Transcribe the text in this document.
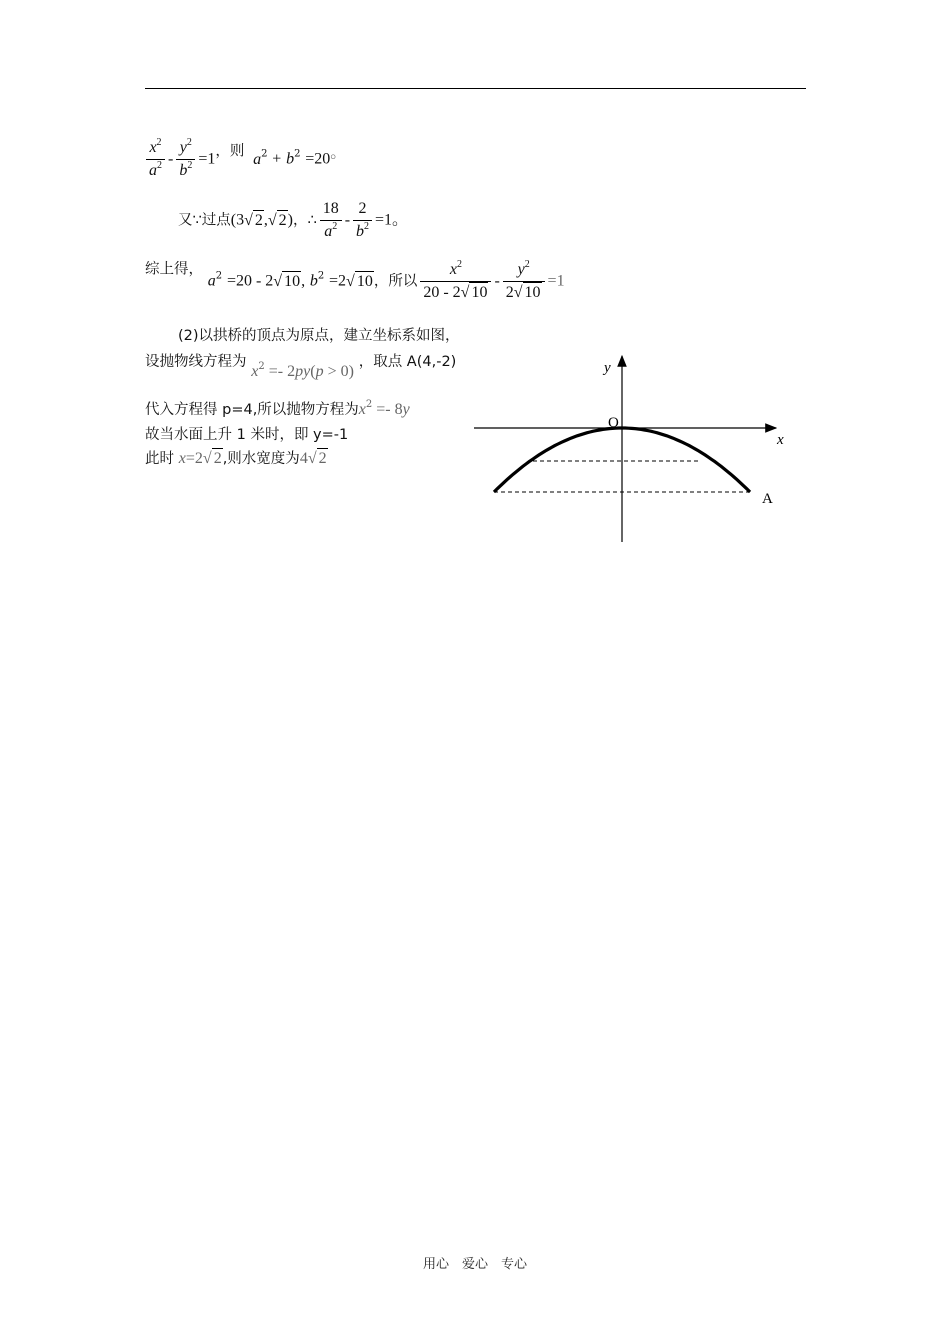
$\frac{x^2}{a^2} - \frac{y^2}{b^2} =1$，则 $a^2 + b^2 =20$。
又∵过点(3√ 2,√ 2)，∴ $\frac{18}{a^2} - \frac{2}{b^2} =1$。
综上得， $a^2 =20 - 2√$ 10, $b^2 =2√$ 10，所以 $\frac{x^2}{20 - 2√ 10} - \frac{y^2}{2√ 10} =1$
(2)以拱桥的顶点为原点，建立坐标系如图，
设抛物线方程为 $x^2 =- 2py(p > 0)$ ，取点 A(4,-2)
代入方程得 p=4,所以抛物方程为$x^2 =- 8y$
故当水面上升 1 米时，即 y=-1
此时 x=2√ 2,则水宽度为4√ 2
y
x
O
A
用心　爱心　专心
